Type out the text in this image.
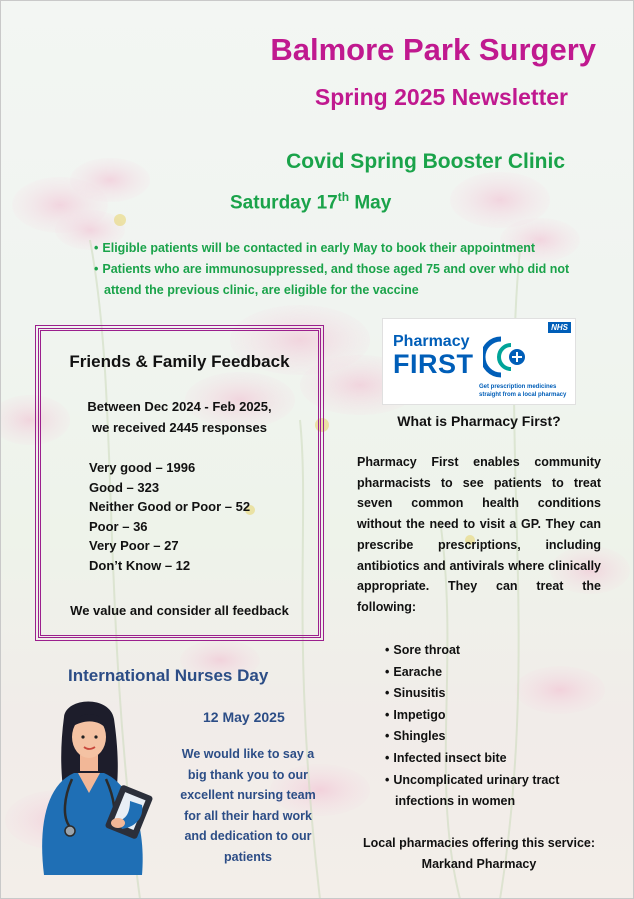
Balmore Park Surgery
Spring 2025 Newsletter
Covid Spring Booster Clinic
Saturday 17th May
• Eligible patients will be contacted in early May to book their appointment
• Patients who are immunosuppressed, and those aged 75 and over who did not attend the previous clinic, are eligible for the vaccine
Friends & Family Feedback
Between Dec 2024 - Feb 2025,
we received 2445 responses
Very good – 1996
Good – 323
Neither Good or Poor – 52
Poor – 36
Very Poor – 27
Don’t Know – 12
We value and consider all feedback
NHS
Pharmacy
FIRST
Get prescription medicines
straight from a local pharmacy
What is Pharmacy First?
Pharmacy First enables community pharmacists to see patients to treat seven common health conditions without the need to visit a GP. They can prescribe prescriptions, including antibiotics and antivirals where clinically appropriate. They can treat the following:
• Sore throat
• Earache
• Sinusitis
• Impetigo
• Shingles
• Infected insect bite
• Uncomplicated urinary tract infections in women
Local pharmacies offering this service:
Markand Pharmacy
International Nurses Day
12 May 2025
We would like to say a big thank you to our excellent nursing team for all their hard work and dedication to our patients
